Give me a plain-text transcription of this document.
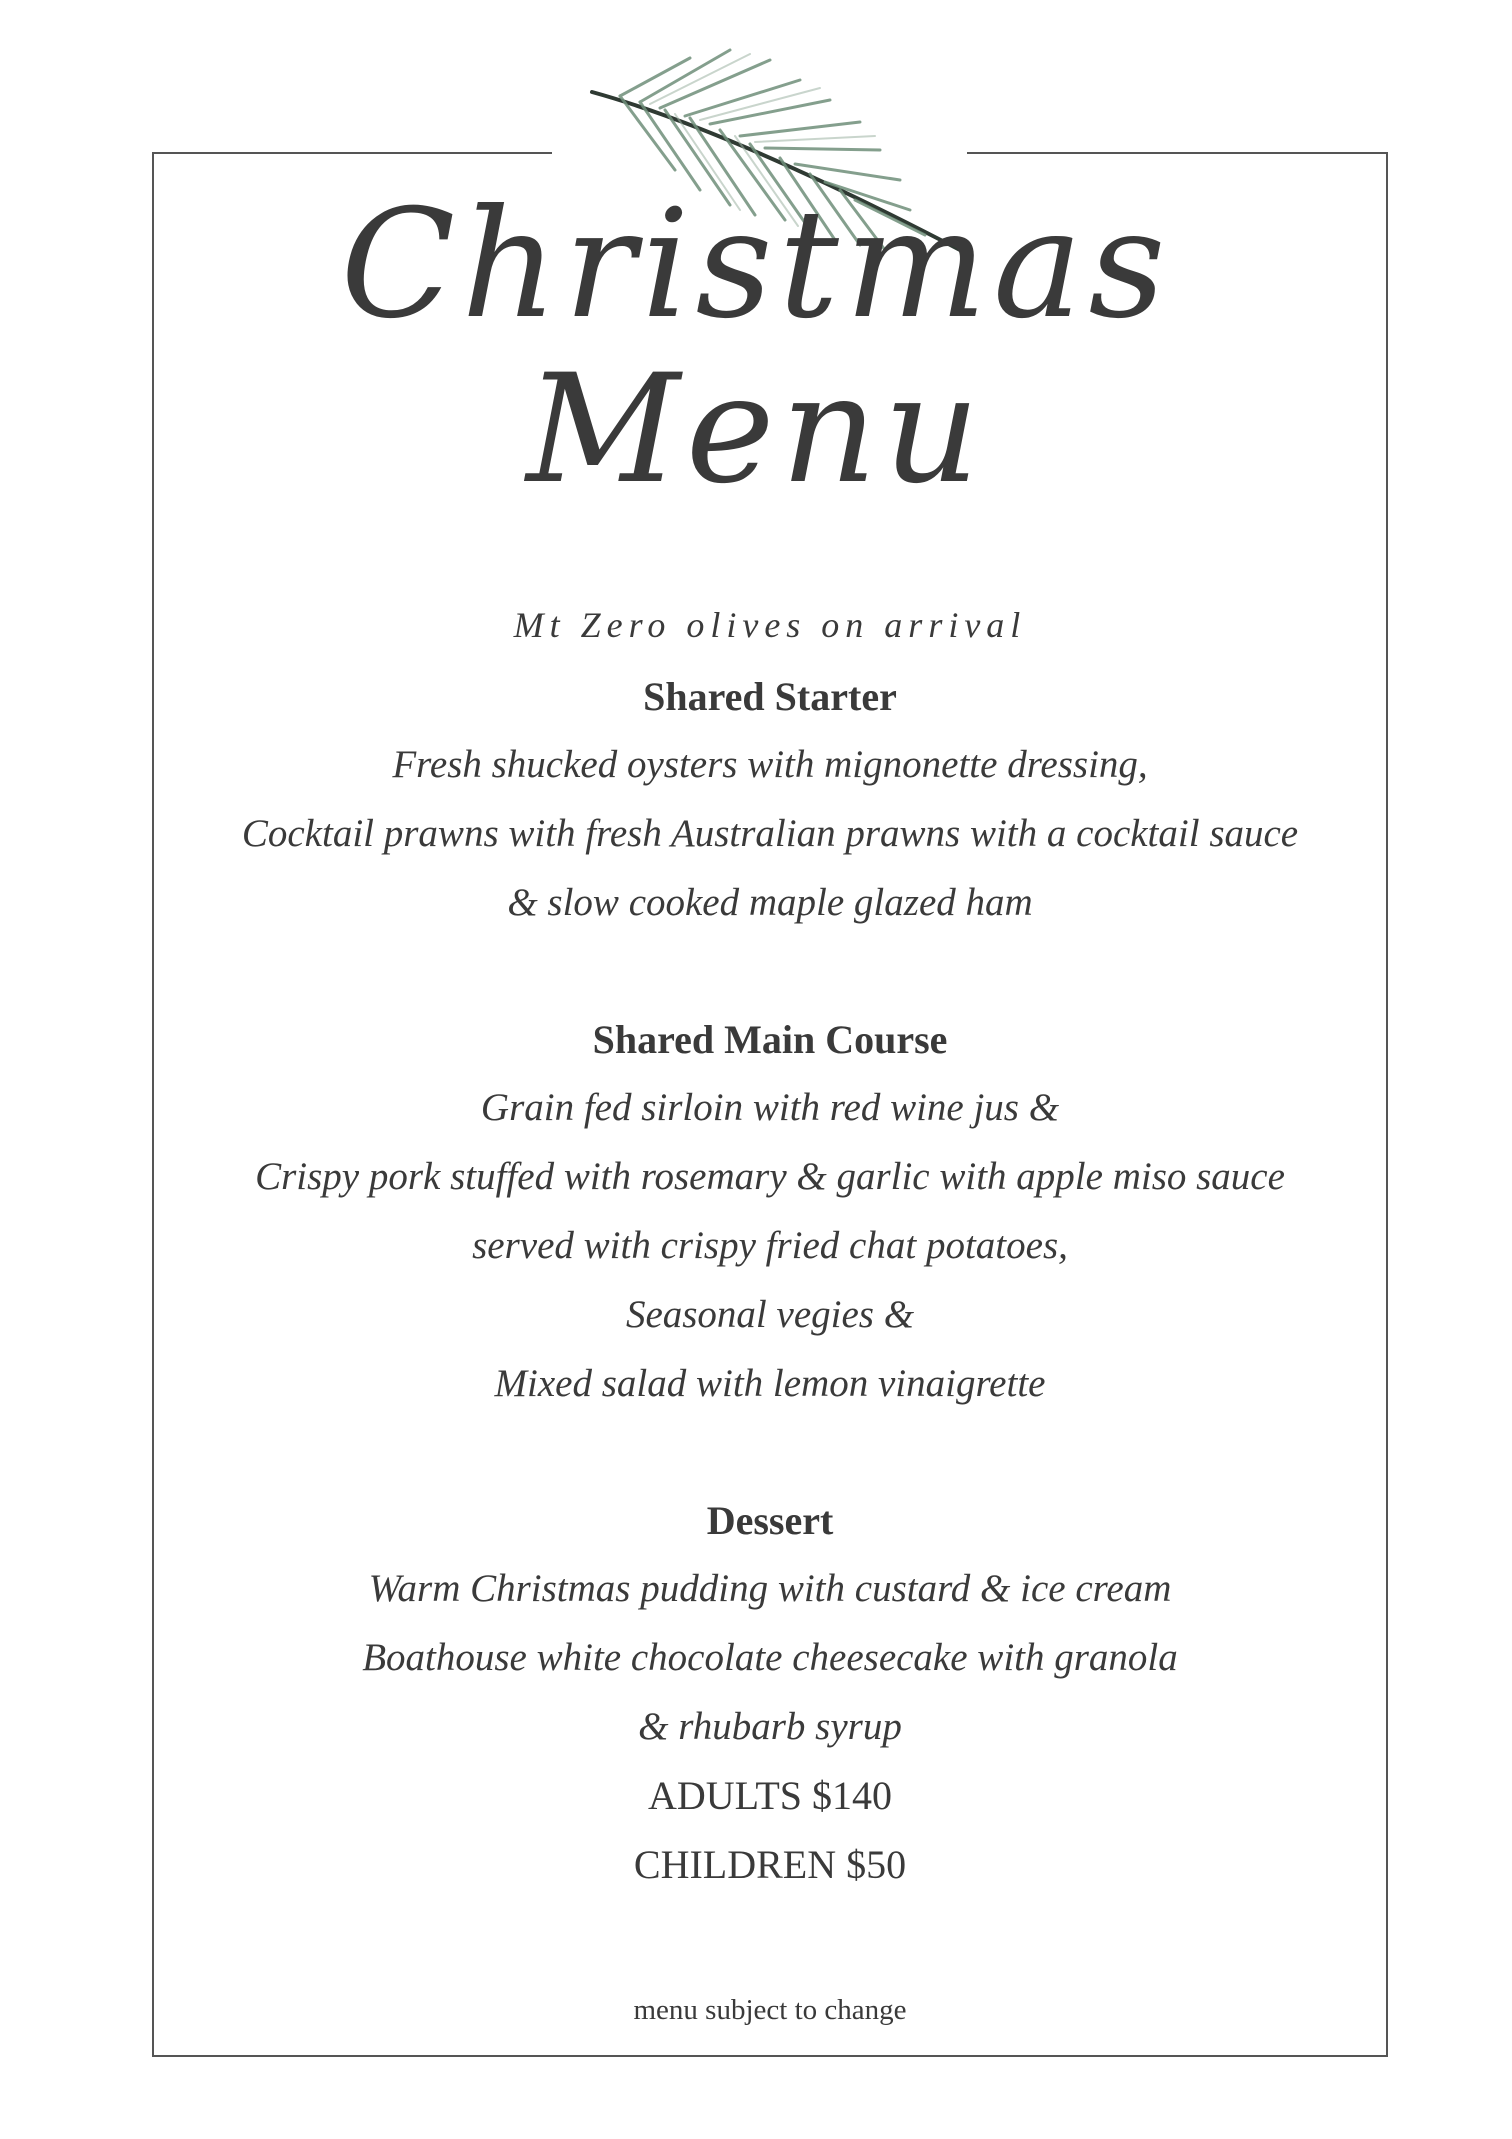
Christmas
Menu

Mt Zero olives on arrival

Shared Starter

Fresh shucked oysters with mignonette dressing,

Cocktail prawns with fresh Australian prawns with a cocktail sauce

& slow cooked maple glazed ham

Shared Main Course

Grain fed sirloin with red wine jus &

Crispy pork stuffed with rosemary & garlic with apple miso sauce

served with crispy fried chat potatoes,

Seasonal vegies &

Mixed salad with lemon vinaigrette

Dessert

Warm Christmas pudding with custard & ice cream

Boathouse white chocolate cheesecake with granola

& rhubarb syrup

ADULTS $140

CHILDREN $50

menu subject to change
